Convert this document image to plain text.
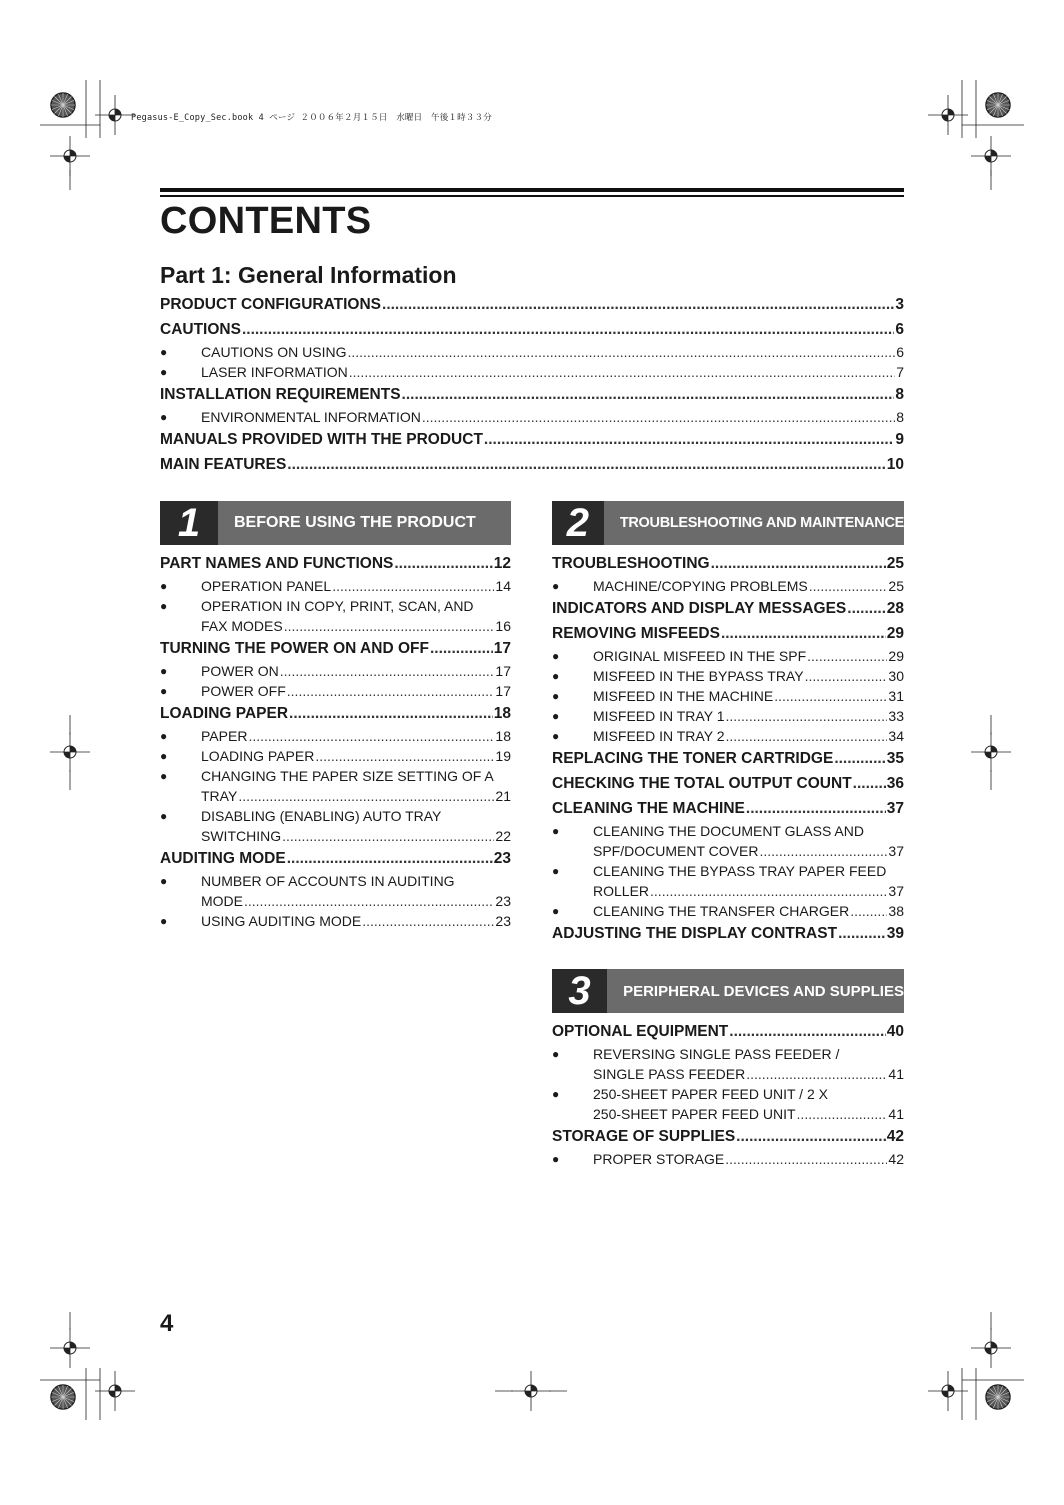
Pegasus-E_Copy_Sec.book 4 ページ ２００６年２月１５日　水曜日　午後１時３３分
CONTENTS
Part 1: General Information
PRODUCT CONFIGURATIONS .....	3
CAUTIONS .....	6
●	CAUTIONS ON USING .....	6
●	LASER INFORMATION .....	7
INSTALLATION REQUIREMENTS .....	8
●	ENVIRONMENTAL INFORMATION .....	8
MANUALS PROVIDED WITH THE PRODUCT .....	9
MAIN FEATURES .....	10
1	BEFORE USING THE PRODUCT	2	TROUBLESHOOTING AND MAINTENANCE
3	PERIPHERAL DEVICES AND SUPPLIES
PART NAMES AND FUNCTIONS .....	12
●	OPERATION PANEL .....	14
● OPERATION IN COPY, PRINT, SCAN, AND
FAX MODES .....	16
TURNING THE POWER ON AND OFF .....	17
●	POWER ON .....	17
●	POWER OFF .....	17
LOADING PAPER .....	18
●	PAPER .....	18
●	LOADING PAPER .....	19
● CHANGING THE PAPER SIZE SETTING OF A
TRAY .....	21
● DISABLING (ENABLING) AUTO TRAY
SWITCHING .....	22
AUDITING MODE .....	23
● NUMBER OF ACCOUNTS IN AUDITING
MODE .....	23
●	USING AUDITING MODE .....	23
TROUBLESHOOTING .....	25
●	MACHINE/COPYING PROBLEMS .....	25
INDICATORS AND DISPLAY MESSAGES .....	28
REMOVING MISFEEDS .....	29
●	ORIGINAL MISFEED IN THE SPF .....	29
●	MISFEED IN THE BYPASS TRAY .....	30
●	MISFEED IN THE MACHINE .....	31
●	MISFEED IN TRAY 1 .....	33
●	MISFEED IN TRAY 2 .....	34
REPLACING THE TONER CARTRIDGE .....	35
CHECKING THE TOTAL OUTPUT COUNT ..... 36
CLEANING THE MACHINE .....	37
● CLEANING THE DOCUMENT GLASS AND
SPF/DOCUMENT COVER .....	37
● CLEANING THE BYPASS TRAY PAPER FEED
ROLLER .....	37
●	CLEANING THE TRANSFER CHARGER .....	38
ADJUSTING THE DISPLAY CONTRAST .....	39
OPTIONAL EQUIPMENT .....	40
● REVERSING SINGLE PASS FEEDER /
SINGLE PASS FEEDER .....	41
● 250-SHEET PAPER FEED UNIT / 2 X
250-SHEET PAPER FEED UNIT .....	41
STORAGE OF SUPPLIES .....	42
●	PROPER STORAGE .....	42
4
